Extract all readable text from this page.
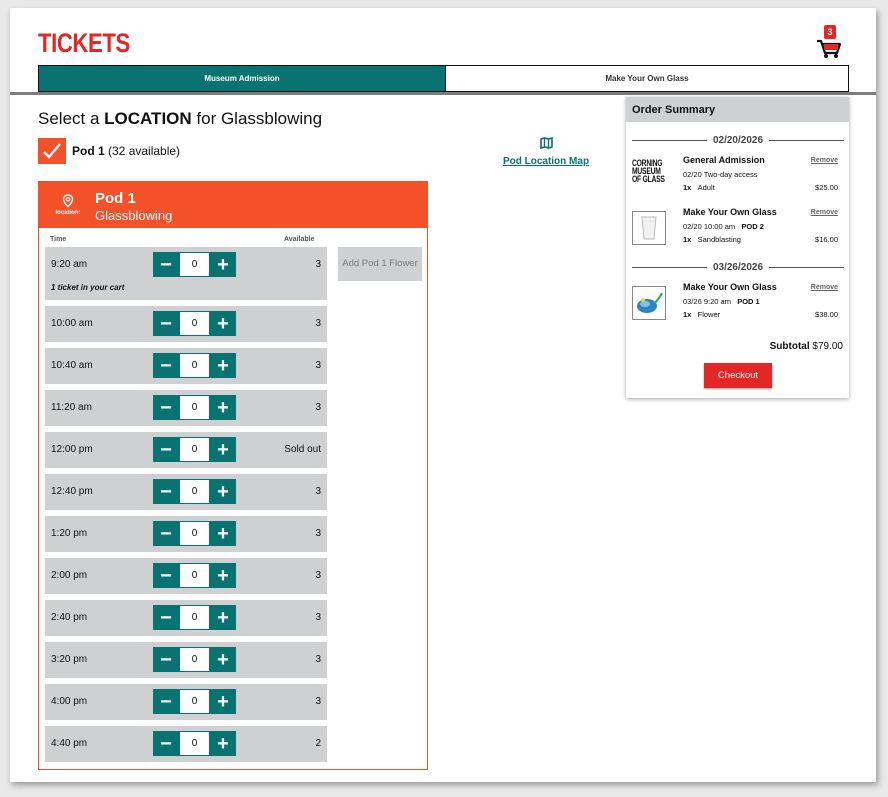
TICKETS	3
Museum Admission	Make Your Own Glass
Select a LOCATION for Glassblowing
Pod 1 (32 available)
Pod Location Map
location:
Pod 1
Glassblowing
Time	Available
9:20 am	−	0 +	3
1 ticket in your cart
10:00 am	−	0 +	3
10:40 am	−	0 +	3
11:20 am	−	0 +	3
12:00 pm	−	0 +	Sold out
12:40 pm	−	0 +	3
1:20 pm	−	0 +	3
2:00 pm	−	0 +	3
2:40 pm	−	0 +	3
3:20 pm	−	0 +	3
4:00 pm	−	0 +	3
4:40 pm	−	0 +	2
Add Pod 1 Flower
Order Summary
02/20/2026
CORNING MUSEUM OF GLASS
General Admission	Remove
02/20 Two-day access
1x Adult	$25.00
Make Your Own Glass	Remove
02/20 10:00 am POD 2
1x Sandblasting	$16.00
03/26/2026
Make Your Own Glass	Remove
03/26 9:20 am POD 1
1x Flower	$38.00
Subtotal $79.00
Checkout
